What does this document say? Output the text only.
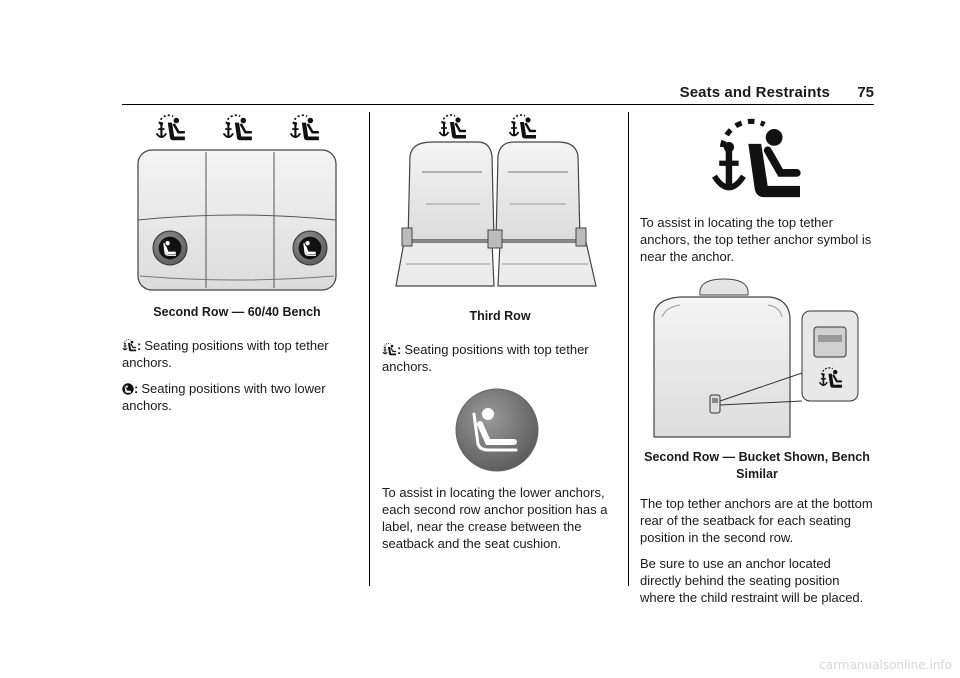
Seats and Restraints 75
Second Row — 60/40 Bench

: Seating positions with top tether anchors.

: Seating positions with two lower anchors.

Third Row

: Seating positions with top tether anchors.

To assist in locating the lower anchors, each second row anchor position has a label, near the crease between the seatback and the seat cushion.

To assist in locating the top tether anchors, the top tether anchor symbol is near the anchor.

Second Row — Bucket Shown, Bench Similar

The top tether anchors are at the bottom rear of the seatback for each seating position in the second row.

Be sure to use an anchor located directly behind the seating position where the child restraint will be placed.

carmanualsonline.info
